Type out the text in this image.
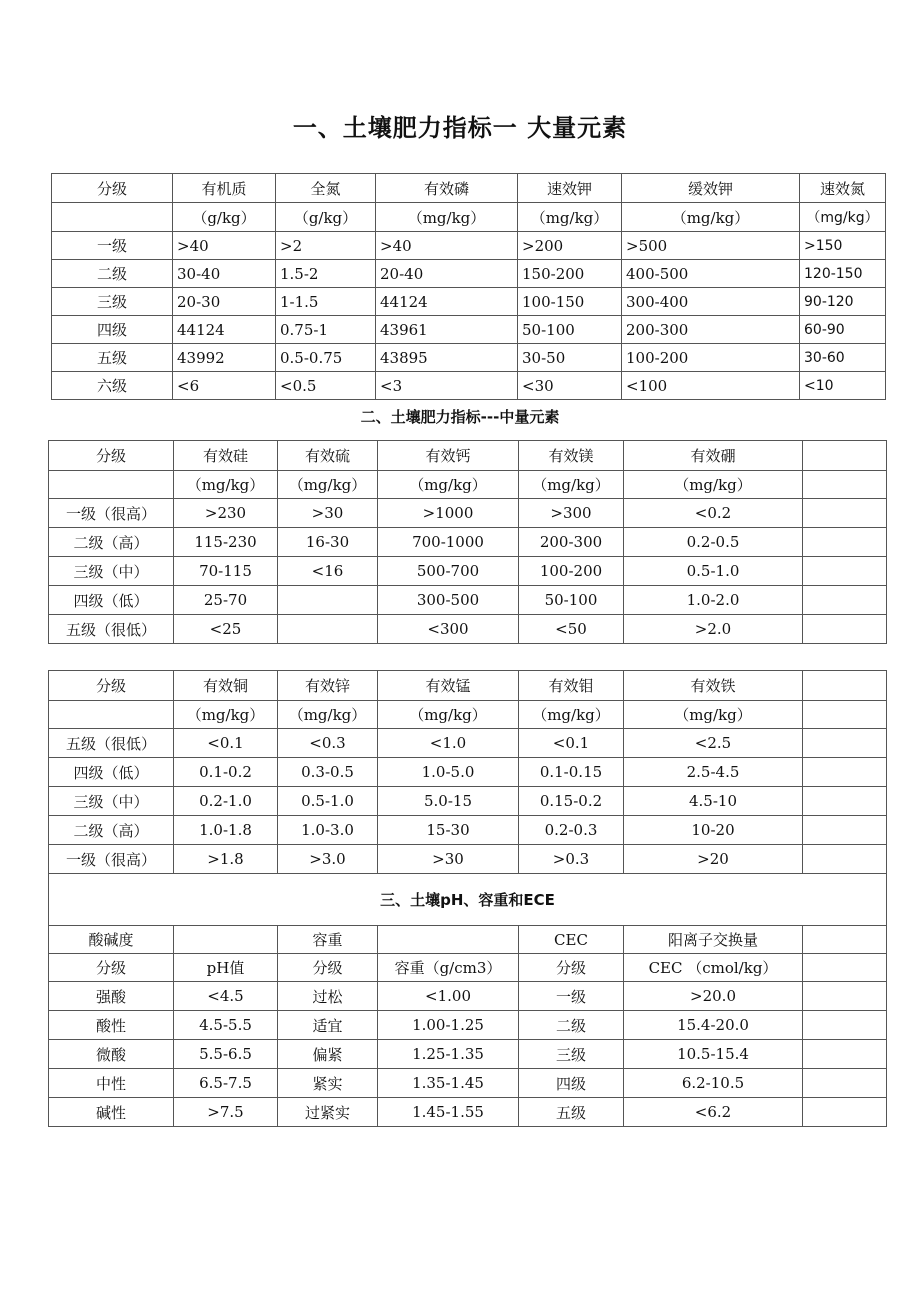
一、土壤肥力指标一 大量元素
分级	有机质	全氮	有效磷	速效钾	缓效钾	速效氮
	（g/kg）	（g/kg）	（mg/kg）	（mg/kg）	（mg/kg）	（mg/kg）
一级	>40	>2	>40	>200	>500	>150
二级	30-40	1.5-2	20-40	150-200	400-500	120-150
三级	20-30	1-1.5	44124	100-150	300-400	90-120
四级	44124	0.75-1	43961	50-100	200-300	60-90
五级	43992	0.5-0.75	43895	30-50	100-200	30-60
六级	<6	<0.5	<3	<30	<100	<10
二、土壤肥力指标---中量元素
分级	有效硅	有效硫	有效钙	有效镁	有效硼	
	（mg/kg）	（mg/kg）	（mg/kg）	（mg/kg）	（mg/kg）	
一级（很高）	>230	>30	>1000	>300	<0.2	
二级（高）	115-230	16-30	700-1000	200-300	0.2-0.5	
三级（中）	70-115	<16	500-700	100-200	0.5-1.0	
四级（低）	25-70		300-500	50-100	1.0-2.0	
五级（很低）	<25		<300	<50	>2.0	
分级	有效铜	有效锌	有效锰	有效钼	有效铁	
	（mg/kg）	（mg/kg）	（mg/kg）	（mg/kg）	（mg/kg）	
五级（很低）	<0.1	<0.3	<1.0	<0.1	<2.5	
四级（低）	0.1-0.2	0.3-0.5	1.0-5.0	0.1-0.15	2.5-4.5	
三级（中）	0.2-1.0	0.5-1.0	5.0-15	0.15-0.2	4.5-10	
二级（高）	1.0-1.8	1.0-3.0	15-30	0.2-0.3	10-20	
一级（很高）	>1.8	>3.0	>30	>0.3	>20	
三、土壤pH、容重和ECE						
酸碱度		容重		CEC	阳离子交换量	
分级	pH值	分级	容重（g/cm3）	分级	CEC （cmol/kg）	
强酸	<4.5	过松	<1.00	一级	>20.0	
酸性	4.5-5.5	适宜	1.00-1.25	二级	15.4-20.0	
微酸	5.5-6.5	偏紧	1.25-1.35	三级	10.5-15.4	
中性	6.5-7.5	紧实	1.35-1.45	四级	6.2-10.5	
碱性	>7.5	过紧实	1.45-1.55	五级	<6.2	
